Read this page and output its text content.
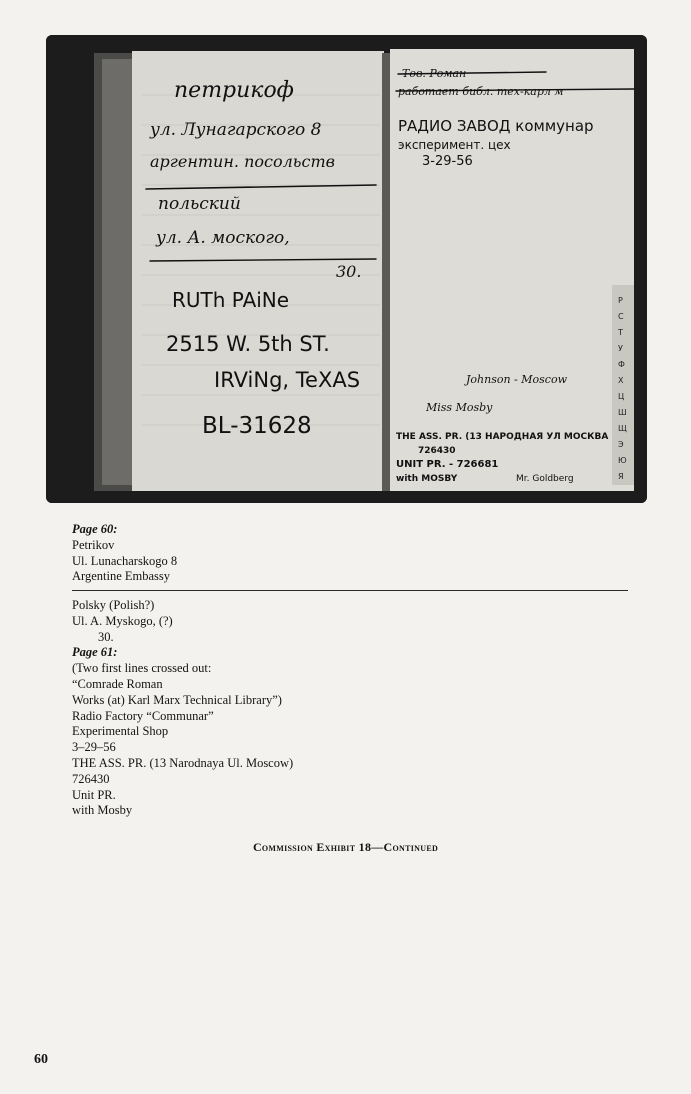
петрикоф
ул. Лунагарского 8
аргентин. посольств
польский
ул. А. моского,
30.
RUTh PAiNe
2515 W. 5th ST.
IRViNg, TeXAS
BL-31628
Тов. Роман
работает библ. тех-карл м
РАДИО ЗАВОД коммунар
эксперимент. цех
3-29-56
Johnson - Moscow
Miss Mosby
THE ASS. PR. (13 НАРОДНАЯ УЛ МОСКВА
726430
UNIT PR. - 726681
with MOSBY	Mr. Goldberg
Р
С
Т
У
Ф
Х
Ц
Ш
Щ
Э
Ю
Я
Page 60:
Petrikov
Ul. Lunacharskogo 8
Argentine Embassy
Polsky (Polish?)
Ul. A. Myskogo, (?)
30.
Page 61:
(Two first lines crossed out:
“Comrade Roman
Works (at) Karl Marx Technical Library”)
Radio Factory “Communar”
Experimental Shop
3–29–56
THE ASS. PR. (13 Narodnaya Ul. Moscow)
726430
Unit PR.
with Mosby
Commission Exhibit 18—Continued
60
